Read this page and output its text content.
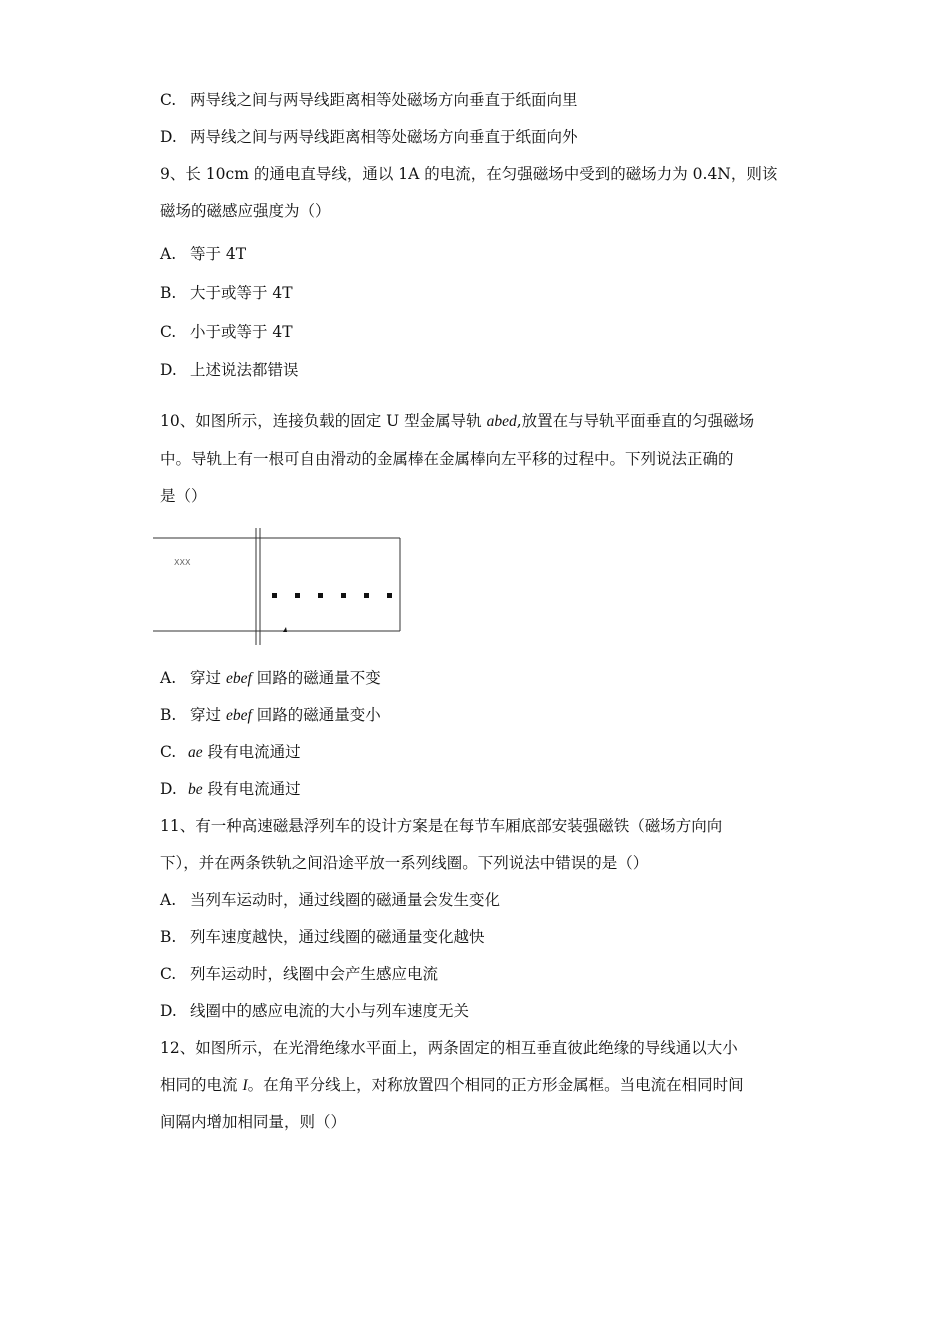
C. 两导线之间与两导线距离相等处磁场方向垂直于纸面向里
D. 两导线之间与两导线距离相等处磁场方向垂直于纸面向外
9、长 10cm 的通电直导线，通以 1A 的电流，在匀强磁场中受到的磁场力为 0.4N，则该
磁场的磁感应强度为（）
A. 等于 4T
B. 大于或等于 4T
C. 小于或等于 4T
D. 上述说法都错误
10、如图所示，连接负载的固定 U 型金属导轨 abed,放置在与导轨平面垂直的匀强磁场
中。导轨上有一根可自由滑动的金属棒在金属棒向左平移的过程中。下列说法正确的
是（）
XXX
A. 穿过 ebef 回路的磁通量不变
B. 穿过 ebef 回路的磁通量变小
C. ae 段有电流通过
D. be 段有电流通过
11、有一种高速磁悬浮列车的设计方案是在每节车厢底部安装强磁铁（磁场方向向
下），并在两条铁轨之间沿途平放一系列线圈。下列说法中错误的是（）
A. 当列车运动时，通过线圈的磁通量会发生变化
B. 列车速度越快，通过线圈的磁通量变化越快
C. 列车运动时，线圈中会产生感应电流
D. 线圈中的感应电流的大小与列车速度无关
12、如图所示，在光滑绝缘水平面上，两条固定的相互垂直彼此绝缘的导线通以大小
相同的电流 I。在角平分线上，对称放置四个相同的正方形金属框。当电流在相同时间
间隔内增加相同量，则（）
